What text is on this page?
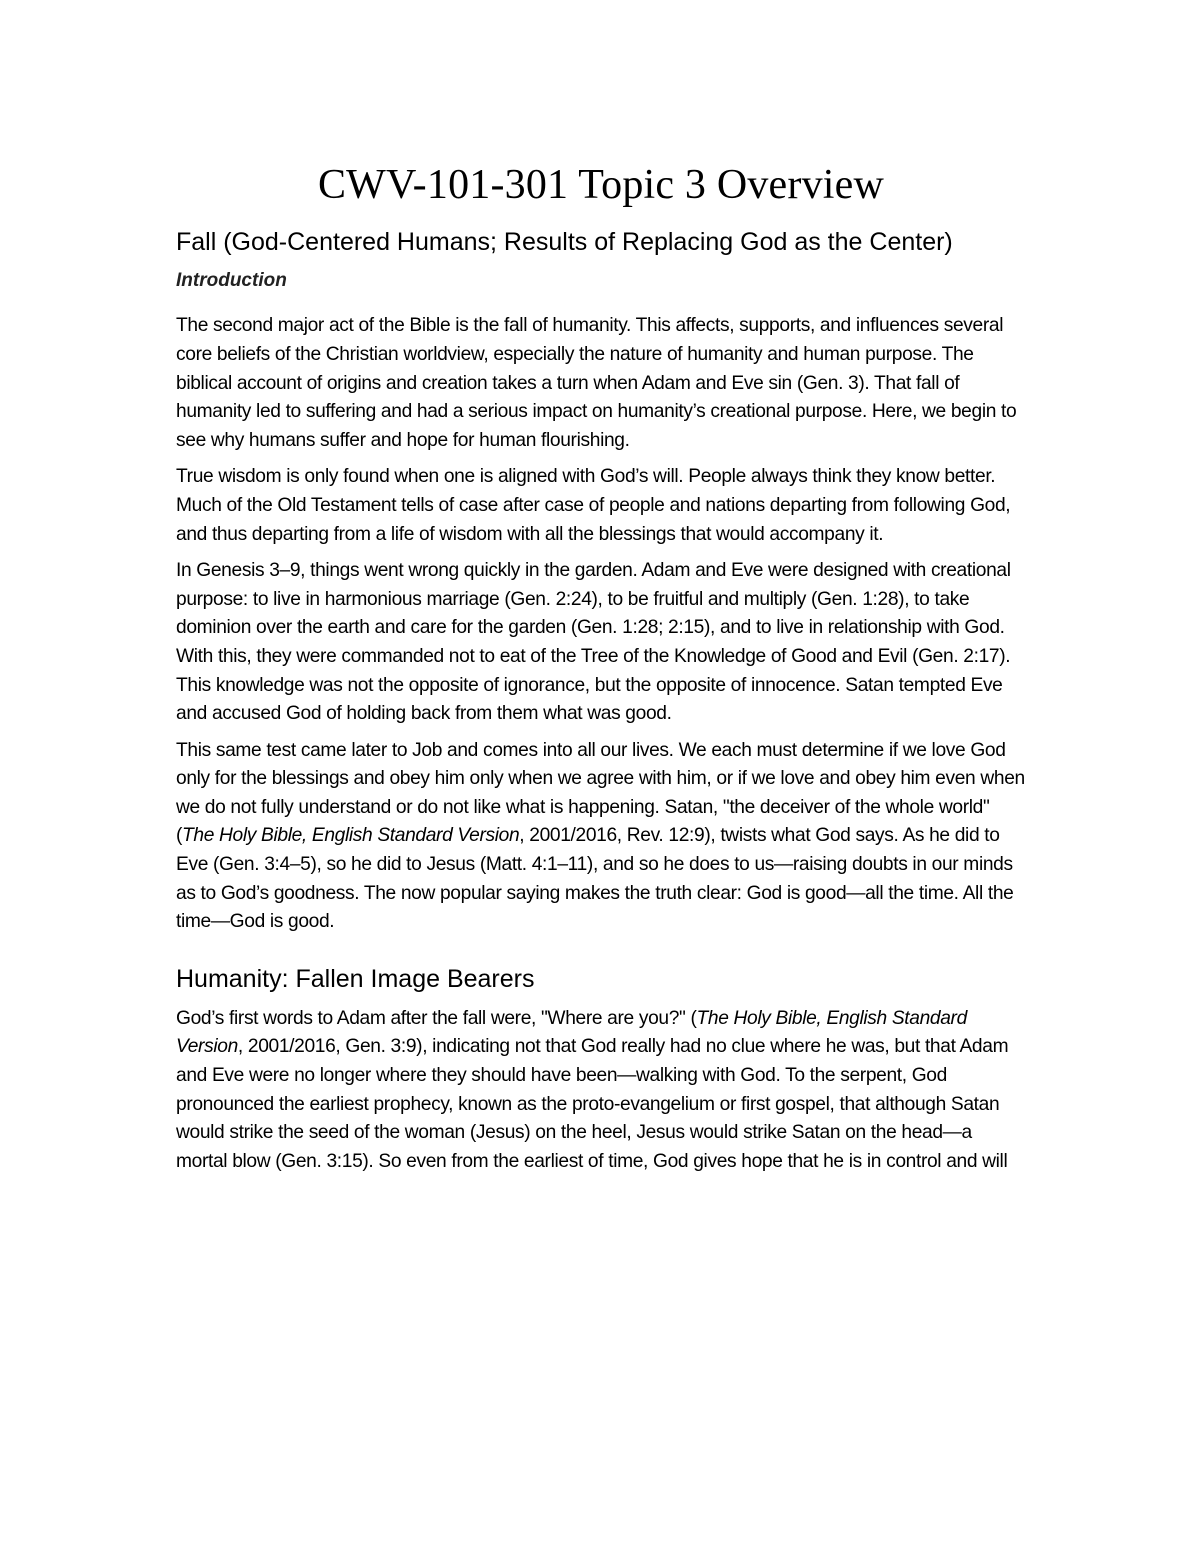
CWV-101-301 Topic 3 Overview
Fall (God-Centered Humans; Results of Replacing God as the Center)
Introduction

The second major act of the Bible is the fall of humanity. This affects, supports, and influences several core beliefs of the Christian worldview, especially the nature of humanity and human purpose. The biblical account of origins and creation takes a turn when Adam and Eve sin (Gen. 3). That fall of humanity led to suffering and had a serious impact on humanity’s creational purpose. Here, we begin to see why humans suffer and hope for human flourishing.

True wisdom is only found when one is aligned with God’s will. People always think they know better. Much of the Old Testament tells of case after case of people and nations departing from following God, and thus departing from a life of wisdom with all the blessings that would accompany it.

In Genesis 3–9, things went wrong quickly in the garden. Adam and Eve were designed with creational purpose: to live in harmonious marriage (Gen. 2:24), to be fruitful and multiply (Gen. 1:28), to take dominion over the earth and care for the garden (Gen. 1:28; 2:15), and to live in relationship with God. With this, they were commanded not to eat of the Tree of the Knowledge of Good and Evil (Gen. 2:17). This knowledge was not the opposite of ignorance, but the opposite of innocence. Satan tempted Eve and accused God of holding back from them what was good.

This same test came later to Job and comes into all our lives. We each must determine if we love God only for the blessings and obey him only when we agree with him, or if we love and obey him even when we do not fully understand or do not like what is happening. Satan, "the deceiver of the whole world" (The Holy Bible, English Standard Version, 2001/2016, Rev. 12:9), twists what God says. As he did to Eve (Gen. 3:4–5), so he did to Jesus (Matt. 4:1–11), and so he does to us—raising doubts in our minds as to God’s goodness. The now popular saying makes the truth clear: God is good—all the time. All the time—God is good.

Humanity: Fallen Image Bearers

God’s first words to Adam after the fall were, "Where are you?" (The Holy Bible, English Standard Version, 2001/2016, Gen. 3:9), indicating not that God really had no clue where he was, but that Adam and Eve were no longer where they should have been—walking with God. To the serpent, God pronounced the earliest prophecy, known as the proto-evangelium or first gospel, that although Satan would strike the seed of the woman (Jesus) on the heel, Jesus would strike Satan on the head—a mortal blow (Gen. 3:15). So even from the earliest of time, God gives hope that he is in control and will
